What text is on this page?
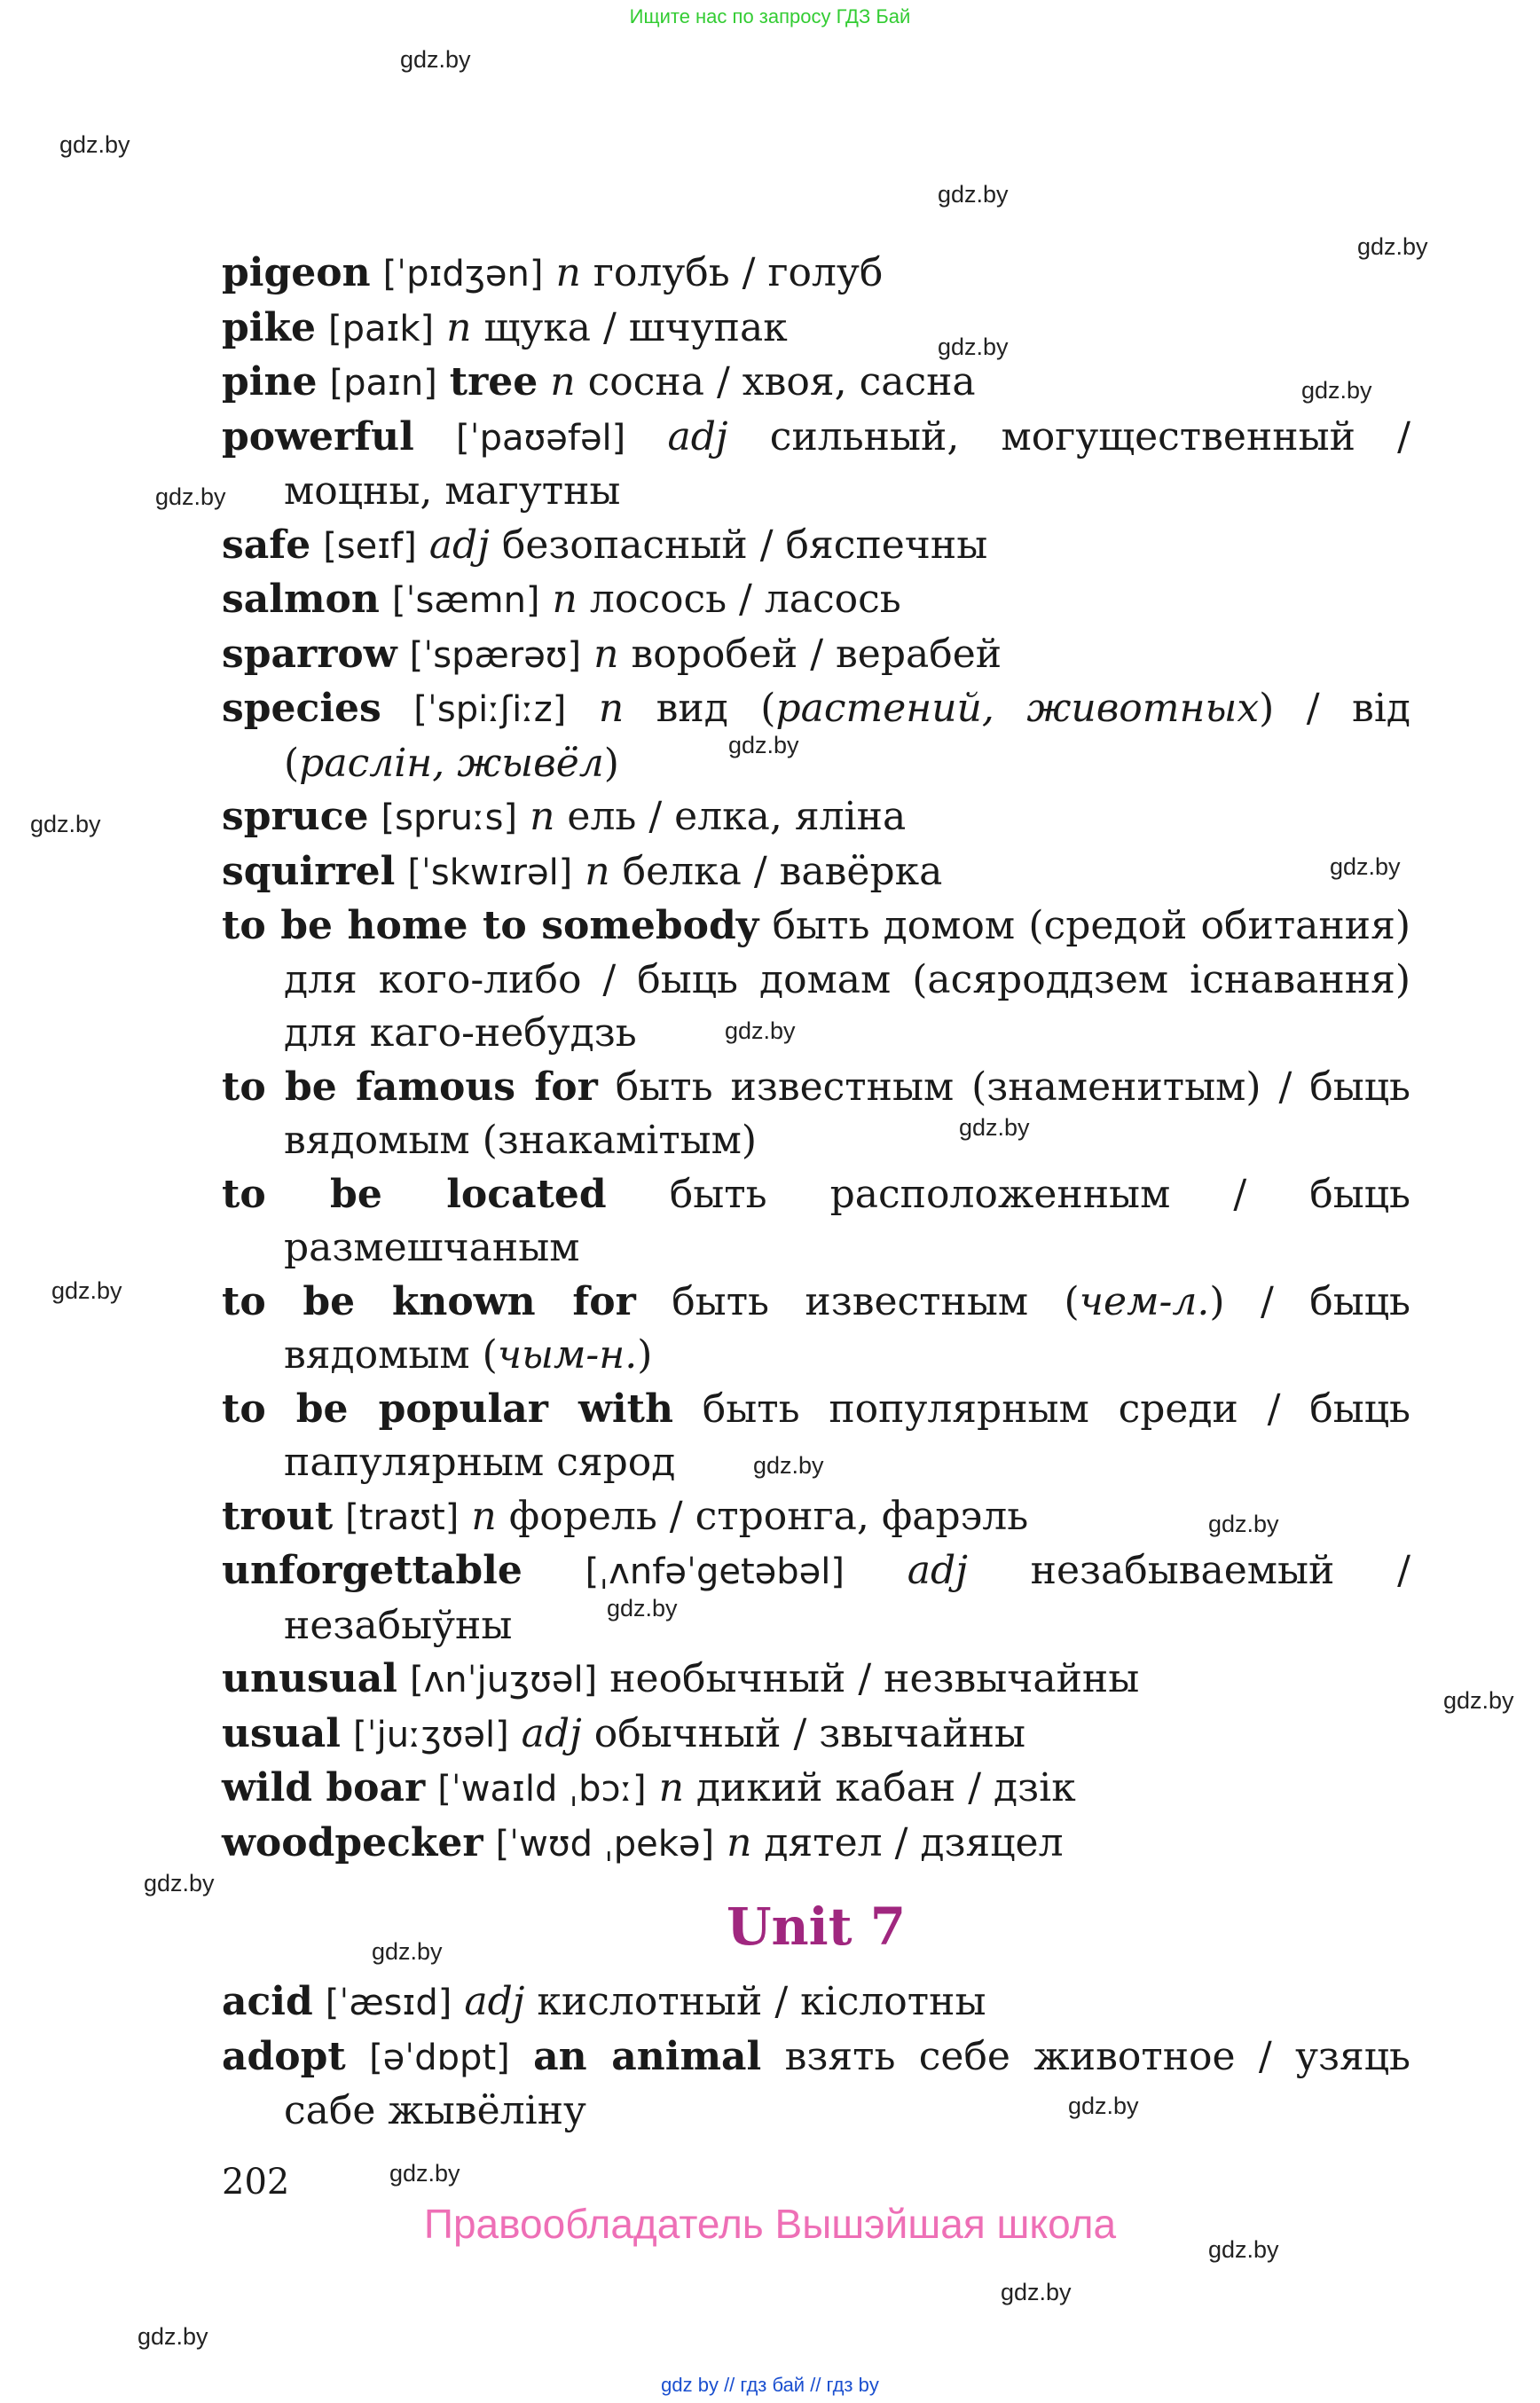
Ищите нас по запросу ГДЗ Бай
gdz.by
gdz.by
gdz.by
gdz.by
gdz.by
gdz.by
gdz.by
gdz.by
gdz.by
gdz.by
gdz.by
gdz.by
gdz.by
gdz.by
gdz.by
gdz.by
gdz.by
gdz.by
gdz.by
gdz.by
gdz.by
gdz.by
gdz.by
gdz.by
pigeon [ˈpɪdʒən] n голубь / голуб
pike [paɪk] n щука / шчупак
pine [paɪn] tree n сосна / хвоя, сасна
powerful [ˈpaʊəfəl] adj сильный, могущественный / моцны, магутны
safe [seɪf] adj безопасный / бяспечны
salmon [ˈsæmn] n лосось / ласось
sparrow [ˈspærəʊ] n воробей / верабей
species [ˈspiːʃiːz] n вид (растений, животных) / від (раслін, жывёл)
spruce [spruːs] n ель / елка, яліна
squirrel [ˈskwɪrəl] n белка / вавёрка
to be home to somebody быть домом (средой обитания) для кого-либо / быць домам (асяроддзем існавання) для каго-небудзь
to be famous for быть известным (знаменитым) / быць вядомым (знакамітым)
to be located быть расположенным / быць размешчаным
to be known for быть известным (чем-л.) / быць вядомым (чым-н.)
to be popular with быть популярным среди / быць папулярным сярод
trout [traʊt] n форель / стронга, фарэль
unforgettable [ˌʌnfəˈgetəbəl] adj незабываемый / незабыўны
unusual [ʌnˈjuʒʊəl] необычный / незвычайны
usual [ˈjuːʒʊəl] adj обычный / звычайны
wild boar [ˈwaɪld ˌbɔː] n дикий кабан / дзік
woodpecker [ˈwʊd ˌpekə] n дятел / дзяцел
Unit 7
acid [ˈæsɪd] adj кислотный / кіслотны
adopt [əˈdɒpt] an animal взять себе животное / узяць сабе жывёліну
202
Правообладатель Вышэйшая школа
gdz by // гдз бай // гдз by
